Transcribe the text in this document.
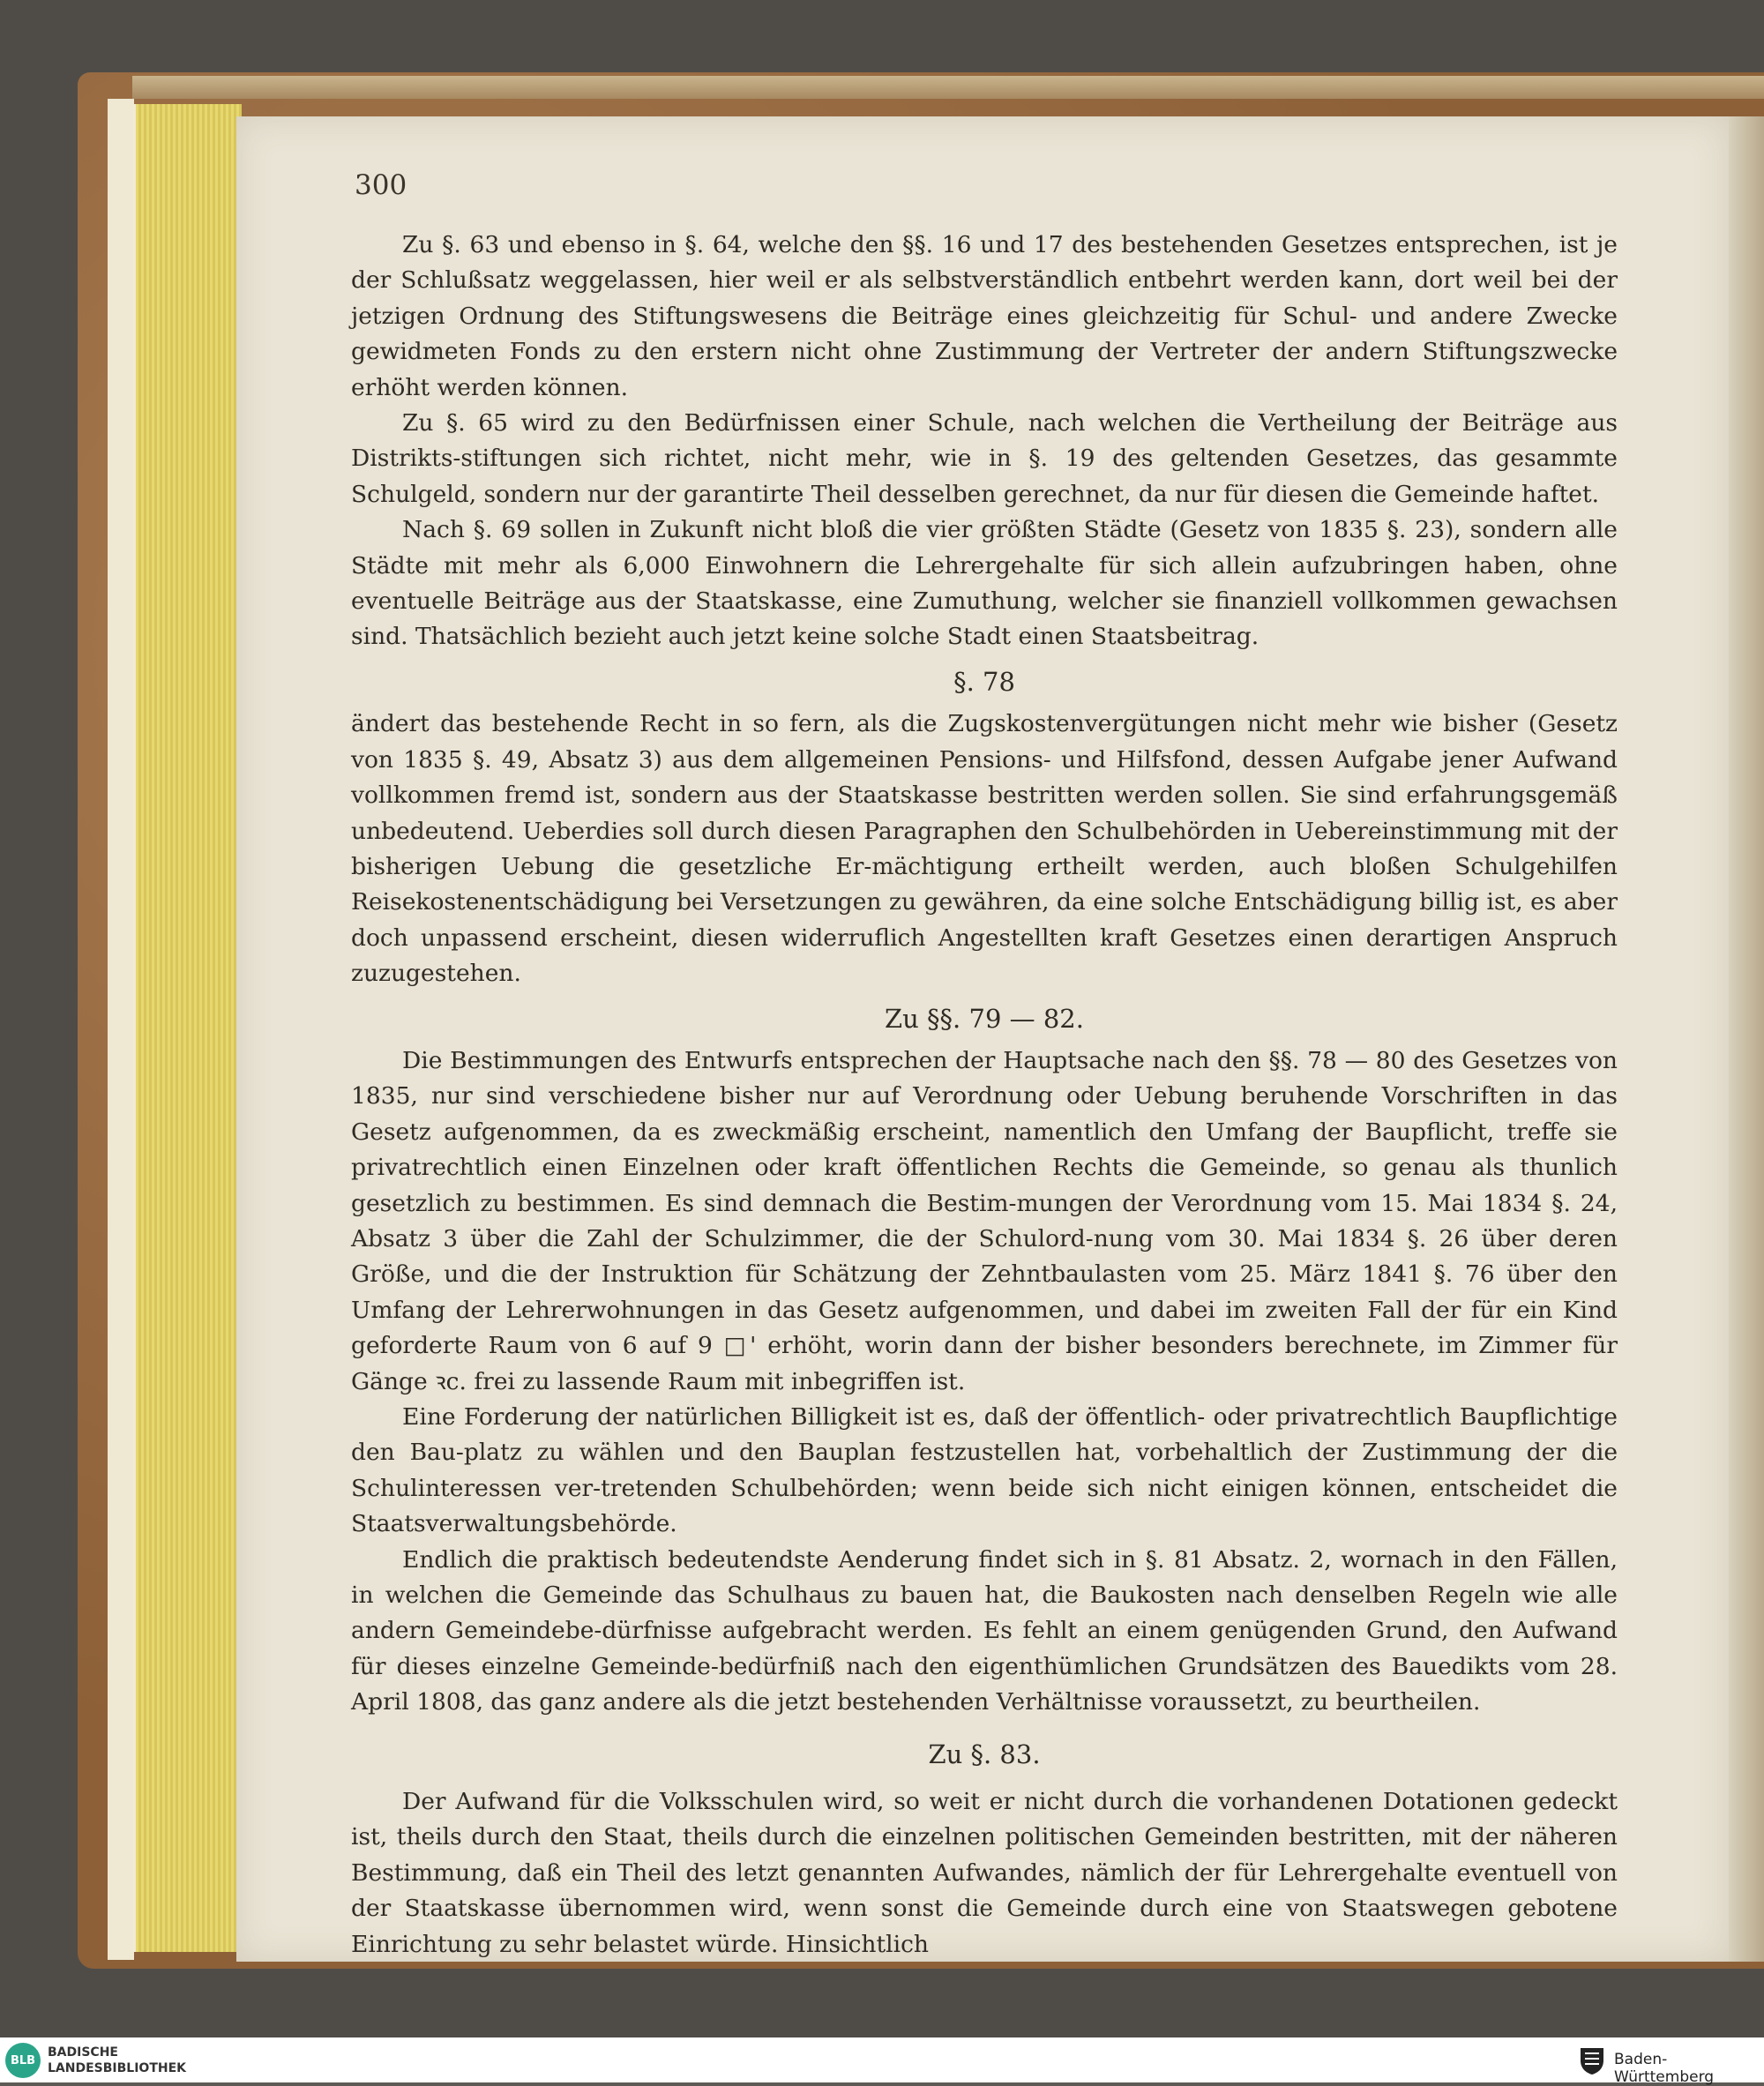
300

Zu §. 63 und ebenso in §. 64, welche den §§. 16 und 17 des bestehenden Gesetzes entsprechen, ist je der Schlußsatz weggelassen, hier weil er als selbstverständlich entbehrt werden kann, dort weil bei der jetzigen Ordnung des Stiftungswesens die Beiträge eines gleichzeitig für Schul- und andere Zwecke gewidmeten Fonds zu den erstern nicht ohne Zustimmung der Vertreter der andern Stiftungszwecke erhöht werden können.

Zu §. 65 wird zu den Bedürfnissen einer Schule, nach welchen die Vertheilung der Beiträge aus Distrikts-stiftungen sich richtet, nicht mehr, wie in §. 19 des geltenden Gesetzes, das gesammte Schulgeld, sondern nur der garantirte Theil desselben gerechnet, da nur für diesen die Gemeinde haftet.

Nach §. 69 sollen in Zukunft nicht bloß die vier größten Städte (Gesetz von 1835 §. 23), sondern alle Städte mit mehr als 6,000 Einwohnern die Lehrergehalte für sich allein aufzubringen haben, ohne eventuelle Beiträge aus der Staatskasse, eine Zumuthung, welcher sie finanziell vollkommen gewachsen sind. Thatsächlich bezieht auch jetzt keine solche Stadt einen Staatsbeitrag.

§. 78

ändert das bestehende Recht in so fern, als die Zugskostenvergütungen nicht mehr wie bisher (Gesetz von 1835 §. 49, Absatz 3) aus dem allgemeinen Pensions- und Hilfsfond, dessen Aufgabe jener Aufwand vollkommen fremd ist, sondern aus der Staatskasse bestritten werden sollen. Sie sind erfahrungsgemäß unbedeutend. Ueberdies soll durch diesen Paragraphen den Schulbehörden in Uebereinstimmung mit der bisherigen Uebung die gesetzliche Er-mächtigung ertheilt werden, auch bloßen Schulgehilfen Reisekostenentschädigung bei Versetzungen zu gewähren, da eine solche Entschädigung billig ist, es aber doch unpassend erscheint, diesen widerruflich Angestellten kraft Gesetzes einen derartigen Anspruch zuzugestehen.

Zu §§. 79 — 82.

Die Bestimmungen des Entwurfs entsprechen der Hauptsache nach den §§. 78 — 80 des Gesetzes von 1835, nur sind verschiedene bisher nur auf Verordnung oder Uebung beruhende Vorschriften in das Gesetz aufgenommen, da es zweckmäßig erscheint, namentlich den Umfang der Baupflicht, treffe sie privatrechtlich einen Einzelnen oder kraft öffentlichen Rechts die Gemeinde, so genau als thunlich gesetzlich zu bestimmen. Es sind demnach die Bestim-mungen der Verordnung vom 15. Mai 1834 §. 24, Absatz 3 über die Zahl der Schulzimmer, die der Schulord-nung vom 30. Mai 1834 §. 26 über deren Größe, und die der Instruktion für Schätzung der Zehntbaulasten vom 25. März 1841 §. 76 über den Umfang der Lehrerwohnungen in das Gesetz aufgenommen, und dabei im zweiten Fall der für ein Kind geforderte Raum von 6 auf 9 □' erhöht, worin dann der bisher besonders berechnete, im Zimmer für Gänge ꝛc. frei zu lassende Raum mit inbegriffen ist.

Eine Forderung der natürlichen Billigkeit ist es, daß der öffentlich- oder privatrechtlich Baupflichtige den Bau-platz zu wählen und den Bauplan festzustellen hat, vorbehaltlich der Zustimmung der die Schulinteressen ver-tretenden Schulbehörden; wenn beide sich nicht einigen können, entscheidet die Staatsverwaltungsbehörde.

Endlich die praktisch bedeutendste Aenderung findet sich in §. 81 Absatz. 2, wornach in den Fällen, in welchen die Gemeinde das Schulhaus zu bauen hat, die Baukosten nach denselben Regeln wie alle andern Gemeindebe-dürfnisse aufgebracht werden. Es fehlt an einem genügenden Grund, den Aufwand für dieses einzelne Gemeinde-bedürfniß nach den eigenthümlichen Grundsätzen des Bauedikts vom 28. April 1808, das ganz andere als die jetzt bestehenden Verhältnisse voraussetzt, zu beurtheilen.

Zu §. 83.

Der Aufwand für die Volksschulen wird, so weit er nicht durch die vorhandenen Dotationen gedeckt ist, theils durch den Staat, theils durch die einzelnen politischen Gemeinden bestritten, mit der näheren Bestimmung, daß ein Theil des letzt genannten Aufwandes, nämlich der für Lehrergehalte eventuell von der Staatskasse übernommen wird, wenn sonst die Gemeinde durch eine von Staatswegen gebotene Einrichtung zu sehr belastet würde. Hinsichtlich

BLB
BADISCHE
LANDESBIBLIOTHEK	Baden-Württemberg
